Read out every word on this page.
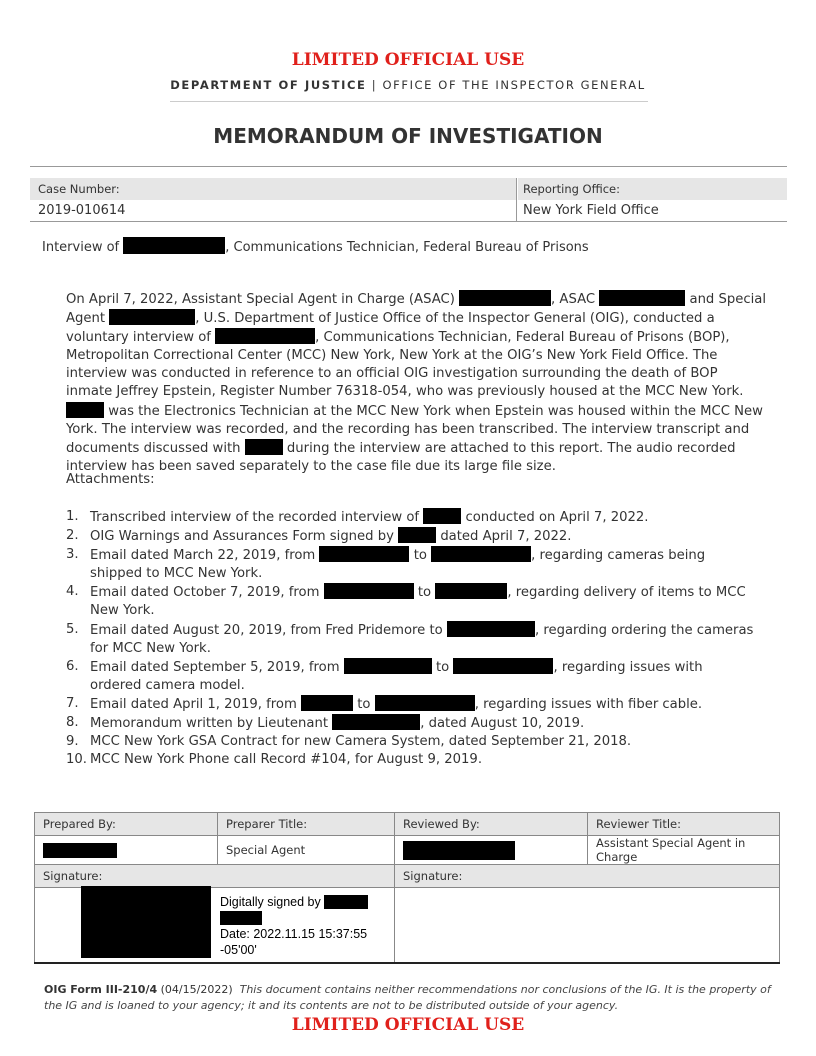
LIMITED OFFICIAL USE
DEPARTMENT OF JUSTICE | OFFICE OF THE INSPECTOR GENERAL
MEMORANDUM OF INVESTIGATION
Case Number:	Reporting Office:
2019-010614	New York Field Office
Interview of	, Communications Technician, Federal Bureau of Prisons
On April 7, 2022, Assistant Special Agent in Charge (ASAC)	, ASAC	and Special Agent	, U.S. Department of Justice Office of the Inspector General (OIG), conducted a voluntary interview of	, Communications Technician, Federal Bureau of Prisons (BOP), Metropolitan Correctional Center (MCC) New York, New York at the OIG’s New York Field Office. The interview was conducted in reference to an official OIG investigation surrounding the death of BOP inmate Jeffrey Epstein, Register Number 76318-054, who was previously housed at the MCC New York.  was the Electronics Technician at the MCC New York when Epstein was housed within the MCC New York. The interview was recorded, and the recording has been transcribed. The interview transcript and documents discussed with	during the interview are attached to this report. The audio recorded interview has been saved separately to the case file due its large file size.
Attachments:
1. Transcribed interview of the recorded interview of	conducted on April 7, 2022.
2. OIG Warnings and Assurances Form signed by	dated April 7, 2022.
3. Email dated March 22, 2019, from	to	, regarding cameras being shipped to MCC New York.
4. Email dated October 7, 2019, from	to	, regarding delivery of items to MCC New York.
5. Email dated August 20, 2019, from Fred Pridemore to	, regarding ordering the cameras for MCC New York.
6. Email dated September 5, 2019, from	to	, regarding issues with ordered camera model.
7. Email dated April 1, 2019, from	to	, regarding issues with fiber cable.
8. Memorandum written by Lieutenant	, dated August 10, 2019.
9. MCC New York GSA Contract for new Camera System, dated September 21, 2018.
10. MCC New York Phone call Record #104, for August 9, 2019.
Prepared By:	Preparer Title:	Reviewed By:	Reviewer Title:
	Special Agent		Assistant Special Agent in Charge
Signature:		Signature:	

Digitally signed by

Date: 2022.11.15 15:37:55
-05'00'			

OIG Form III-210/4 (04/15/2022) This document contains neither recommendations nor conclusions of the IG. It is the property of the IG and is loaned to your agency; it and its contents are not to be distributed outside of your agency.
LIMITED OFFICIAL USE
